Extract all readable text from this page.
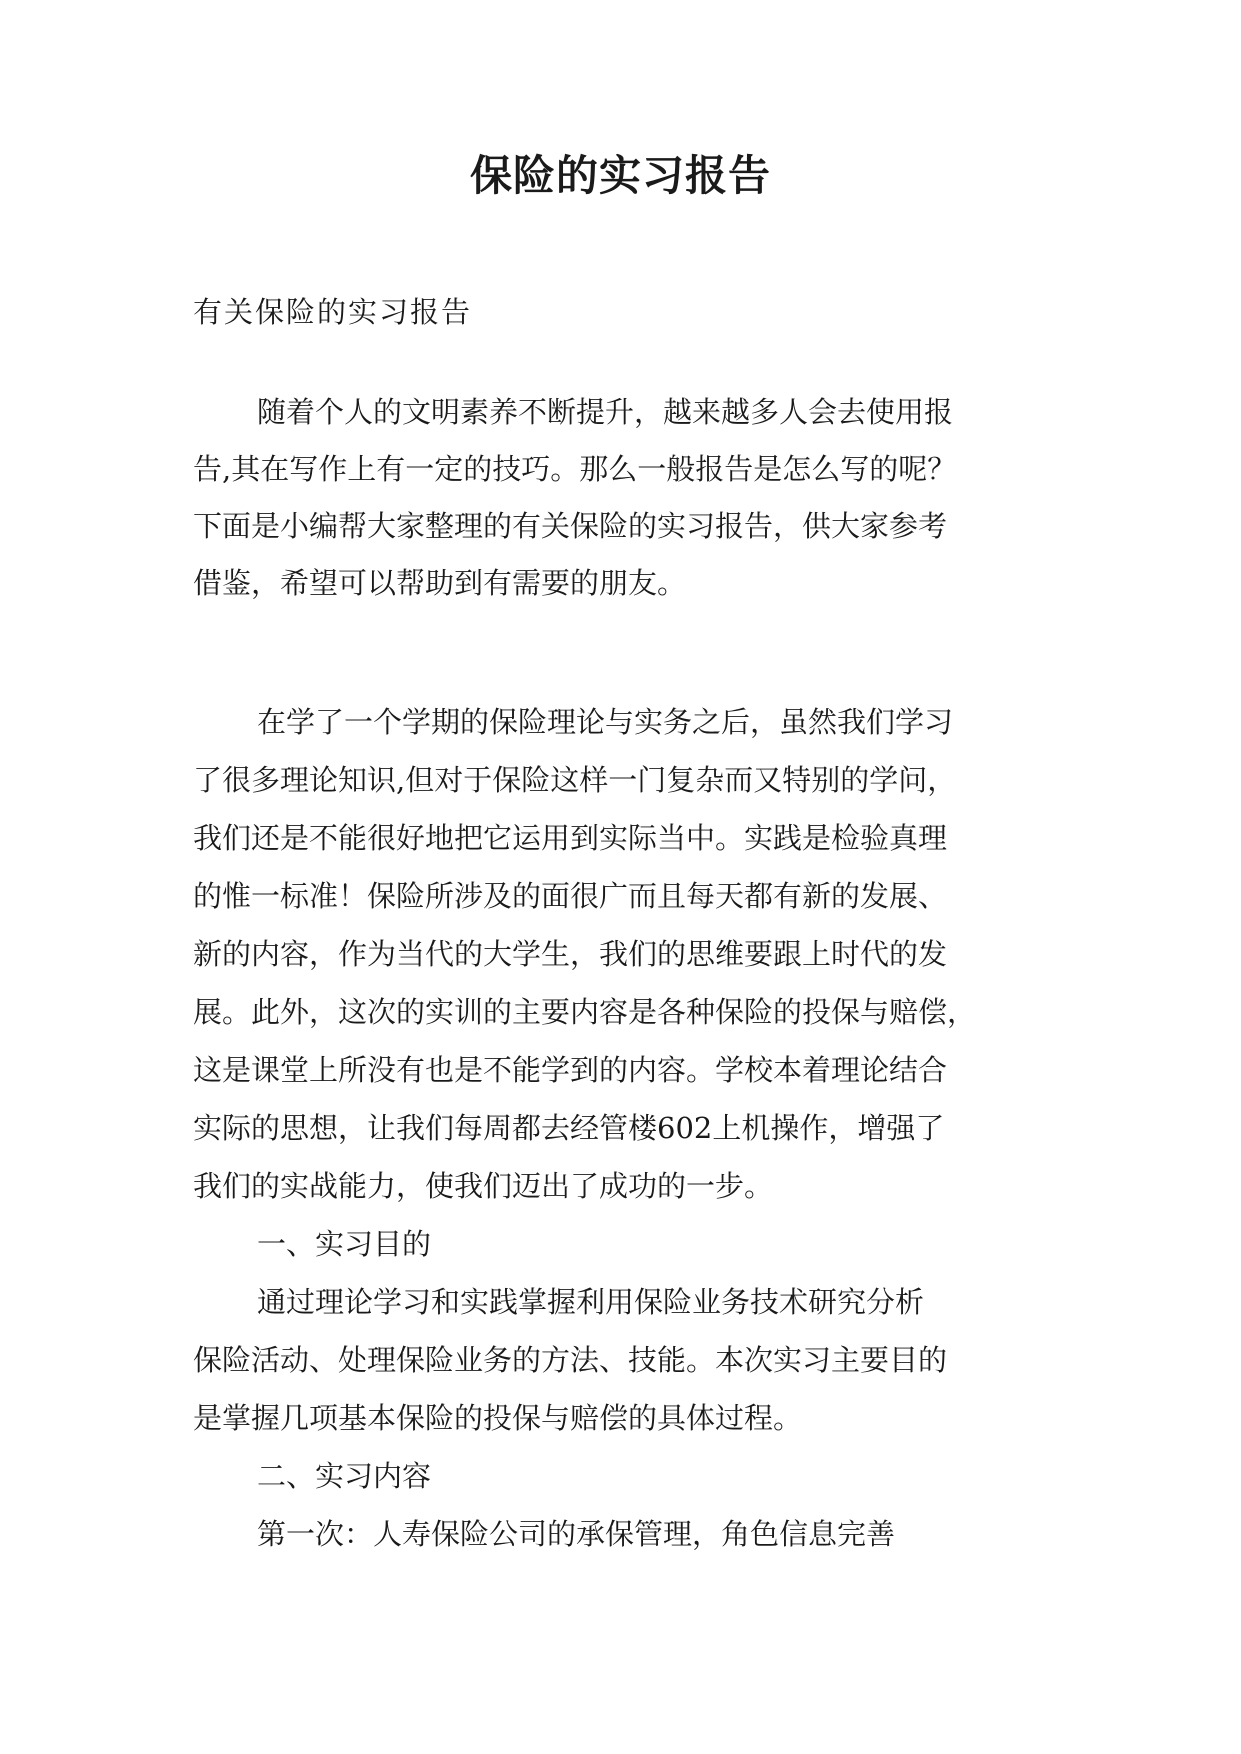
保险的实习报告

有关保险的实习报告

随着个人的文明素养不断提升，越来越多人会去使用报

告,其在写作上有一定的技巧。那么一般报告是怎么写的呢？

下面是小编帮大家整理的有关保险的实习报告，供大家参考

借鉴，希望可以帮助到有需要的朋友。

在学了一个学期的保险理论与实务之后，虽然我们学习

了很多理论知识,但对于保险这样一门复杂而又特别的学问，

我们还是不能很好地把它运用到实际当中。实践是检验真理

的惟一标准！保险所涉及的面很广而且每天都有新的发展、

新的内容，作为当代的大学生，我们的思维要跟上时代的发

展。此外，这次的实训的主要内容是各种保险的投保与赔偿，

这是课堂上所没有也是不能学到的内容。学校本着理论结合

实际的思想，让我们每周都去经管楼602上机操作，增强了

我们的实战能力，使我们迈出了成功的一步。

一、实习目的

通过理论学习和实践掌握利用保险业务技术研究分析

保险活动、处理保险业务的方法、技能。本次实习主要目的

是掌握几项基本保险的投保与赔偿的具体过程。

二、实习内容

第一次：人寿保险公司的承保管理，角色信息完善
